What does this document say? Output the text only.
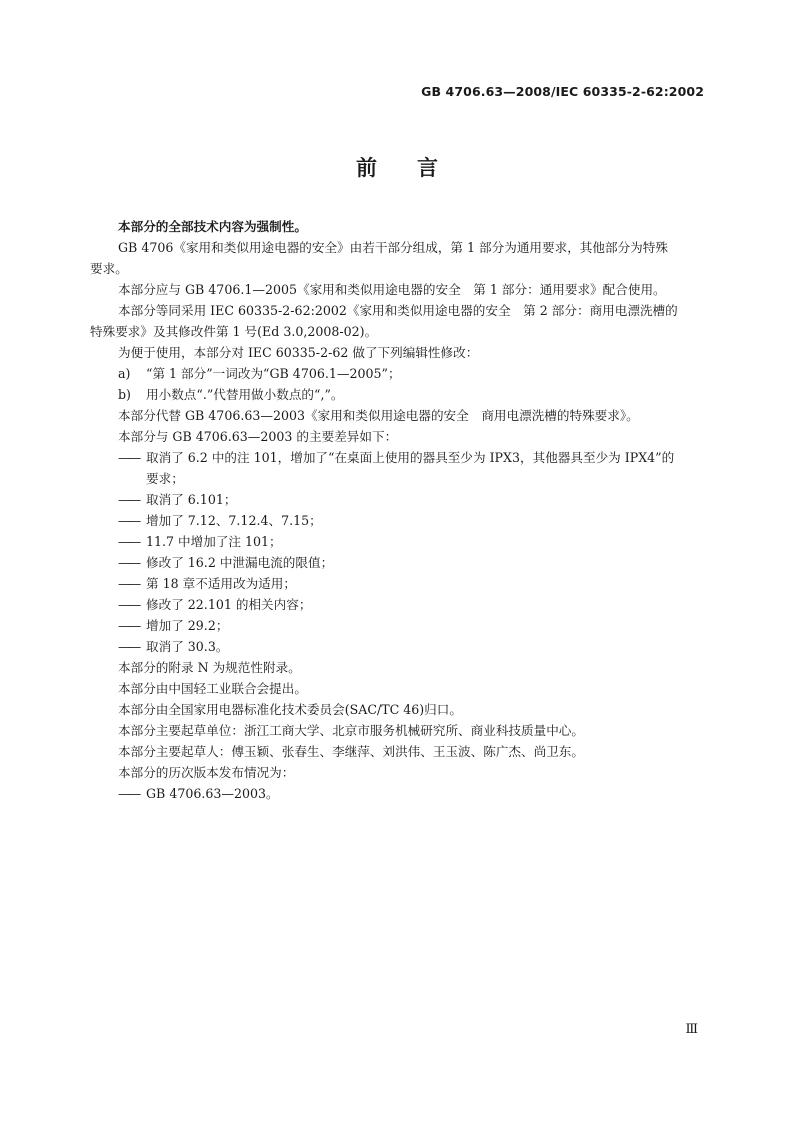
GB 4706.63—2008/IEC 60335-2-62:2002
前 言

本部分的全部技术内容为强制性。

GB 4706《家用和类似用途电器的安全》由若干部分组成，第 1 部分为通用要求，其他部分为特殊

要求。

本部分应与 GB 4706.1—2005《家用和类似用途电器的安全　第 1 部分：通用要求》配合使用。

本部分等同采用 IEC 60335-2-62:2002《家用和类似用途电器的安全　第 2 部分：商用电漂洗槽的

特殊要求》及其修改件第 1 号(Ed 3.0,2008-02)。

为便于使用，本部分对 IEC 60335-2-62 做了下列编辑性修改：

a) “第 1 部分”一词改为“GB 4706.1—2005”；

b) 用小数点“.”代替用做小数点的“,”。

本部分代替 GB 4706.63—2003《家用和类似用途电器的安全　商用电漂洗槽的特殊要求》。

本部分与 GB 4706.63—2003 的主要差异如下：

—— 取消了 6.2 中的注 101，增加了“在桌面上使用的器具至少为 IPX3，其他器具至少为 IPX4”的
要求；

—— 取消了 6.101；

—— 增加了 7.12、7.12.4、7.15；

—— 11.7 中增加了注 101；

—— 修改了 16.2 中泄漏电流的限值；

—— 第 18 章不适用改为适用；

—— 修改了 22.101 的相关内容；

—— 增加了 29.2；

—— 取消了 30.3。

本部分的附录 N 为规范性附录。

本部分由中国轻工业联合会提出。

本部分由全国家用电器标准化技术委员会(SAC/TC 46)归口。

本部分主要起草单位：浙江工商大学、北京市服务机械研究所、商业科技质量中心。

本部分主要起草人：傅玉颖、张春生、李继萍、刘洪伟、王玉波、陈广杰、尚卫东。

本部分的历次版本发布情况为：

—— GB 4706.63—2003。

Ⅲ
